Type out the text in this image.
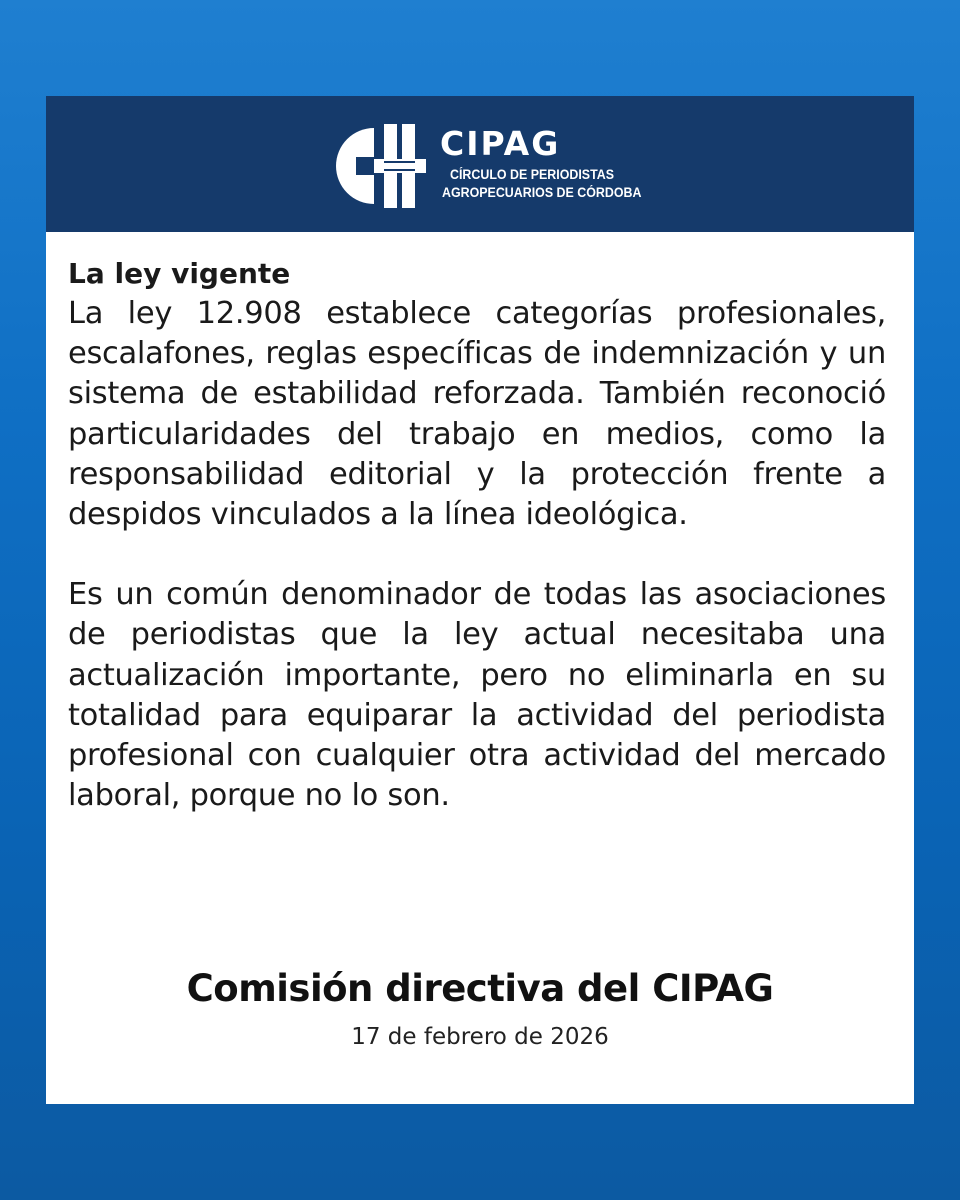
CIPAG
CÍRCULO DE PERIODISTAS
AGROPECUARIOS DE CÓRDOBA
La ley vigente

La ley 12.908 establece categorías profesionales, escalafones, reglas específicas de indemnización y un sistema de estabilidad reforzada. También reconoció particularidades del trabajo en medios, como la responsabilidad editorial y la protección frente a despidos vinculados a la línea ideológica.

Es un común denominador de todas las asociaciones de periodistas que la ley actual necesitaba una actualización importante, pero no eliminarla en su totalidad para equiparar la actividad del periodista profesional con cualquier otra actividad del mercado laboral, porque no lo son.

Comisión directiva del CIPAG
17 de febrero de 2026
